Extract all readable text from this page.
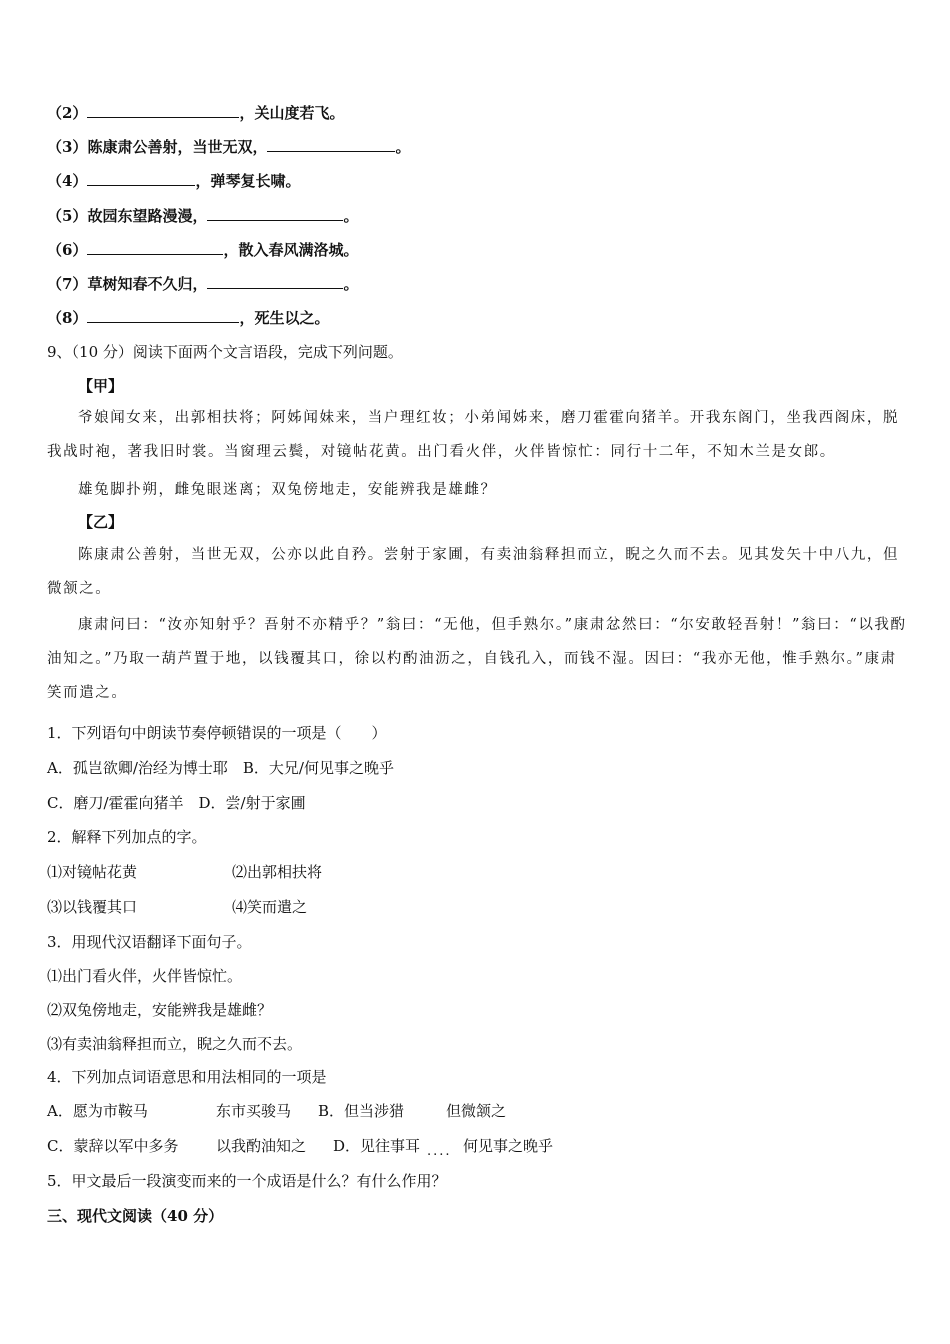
（2）	，关山度若飞。
（3）陈康肃公善射，当世无双，	。
（4）	，弹琴复长啸。
（5）故园东望路漫漫，	。
（6）	，散入春风满洛城。
（7）草树知春不久归，	。
（8）	，死生以之。
9、（10 分）阅读下面两个文言语段，完成下列问题。
【甲】
爷娘闻女来，出郭相扶将；阿姊闻妹来，当户理红妆；小弟闻姊来，磨刀霍霍向猪羊。开我东阁门，坐我西阁床，脱我战时袍，著我旧时裳。当窗理云鬓，对镜帖花黄。出门看火伴，火伴皆惊忙：同行十二年，不知木兰是女郎。
雄兔脚扑朔，雌兔眼迷离；双兔傍地走，安能辨我是雄雌？
【乙】
陈康肃公善射，当世无双，公亦以此自矜。尝射于家圃，有卖油翁释担而立，睨之久而不去。见其发矢十中八九，但微颔之。
康肃问曰：“汝亦知射乎？吾射不亦精乎？”翁曰：“无他，但手熟尔。”康肃忿然曰：“尔安敢轻吾射！”翁曰：“以我酌油知之。”乃取一葫芦置于地，以钱覆其口，徐以杓酌油沥之，自钱孔入，而钱不湿。因曰：“我亦无他，惟手熟尔。”康肃笑而遣之。
1．下列语句中朗读节奏停顿错误的一项是（　　）
A．孤岂欲卿/治经为博士耶　B．大兄/何见事之晚乎
C．磨刀/霍霍向猪羊　D．尝/射于家圃
2．解释下列加点的字。
⑴对镜帖花黄	⑵出郭相扶将
⑶以钱覆其口	⑷笑而遣之
3．用现代汉语翻译下面句子。
⑴出门看火伴，火伴皆惊忙。
⑵双兔傍地走，安能辨我是雄雌？
⑶有卖油翁释担而立，睨之久而不去。
4．下列加点词语意思和用法相同的一项是
A．愿为市鞍马	东市买骏马 B．但当涉猎	但微颔之
C．蒙辞以军中多务	以我酌油知之 D．见往事耳 .... 何见事之晚乎
5．甲文最后一段演变而来的一个成语是什么？有什么作用？
三、现代文阅读（40 分）
